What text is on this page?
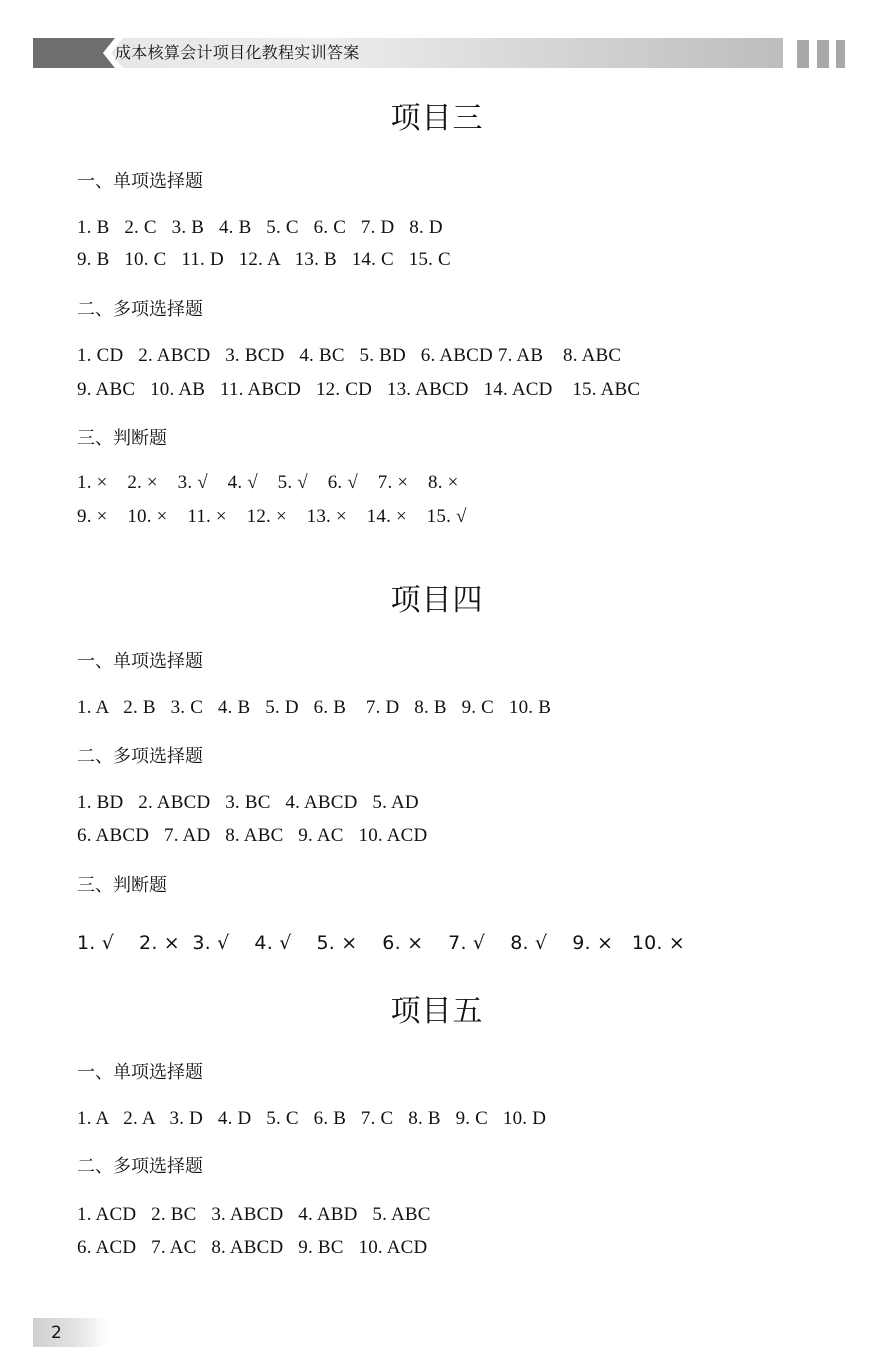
成本核算会计项目化教程实训答案
项目三
一、单项选择题
1. B   2. C   3. B   4. B   5. C   6. C   7. D   8. D
9. B   10. C   11. D   12. A   13. B   14. C   15. C
二、多项选择题
1. CD   2. ABCD   3. BCD   4. BC   5. BD   6. ABCD 7. AB    8. ABC
9. ABC   10. AB   11. ABCD   12. CD   13. ABCD   14. ACD    15. ABC
三、判断题
1. ×    2. ×    3. √    4. √    5. √    6. √    7. ×    8. ×
9. ×    10. ×    11. ×    12. ×    13. ×    14. ×    15. √
项目四
一、单项选择题
1. A   2. B   3. C   4. B   5. D   6. B    7. D   8. B   9. C   10. B
二、多项选择题
1. BD   2. ABCD   3. BC   4. ABCD   5. AD
6. ABCD   7. AD   8. ABC   9. AC   10. ACD
三、判断题
1. √    2. ×  3. √    4. √    5. ×    6. ×    7. √    8. √    9. ×   10. ×
项目五
一、单项选择题
1. A   2. A   3. D   4. D   5. C   6. B   7. C   8. B   9. C   10. D
二、多项选择题
1. ACD   2. BC   3. ABCD   4. ABD   5. ABC
6. ACD   7. AC   8. ABCD   9. BC   10. ACD
2
